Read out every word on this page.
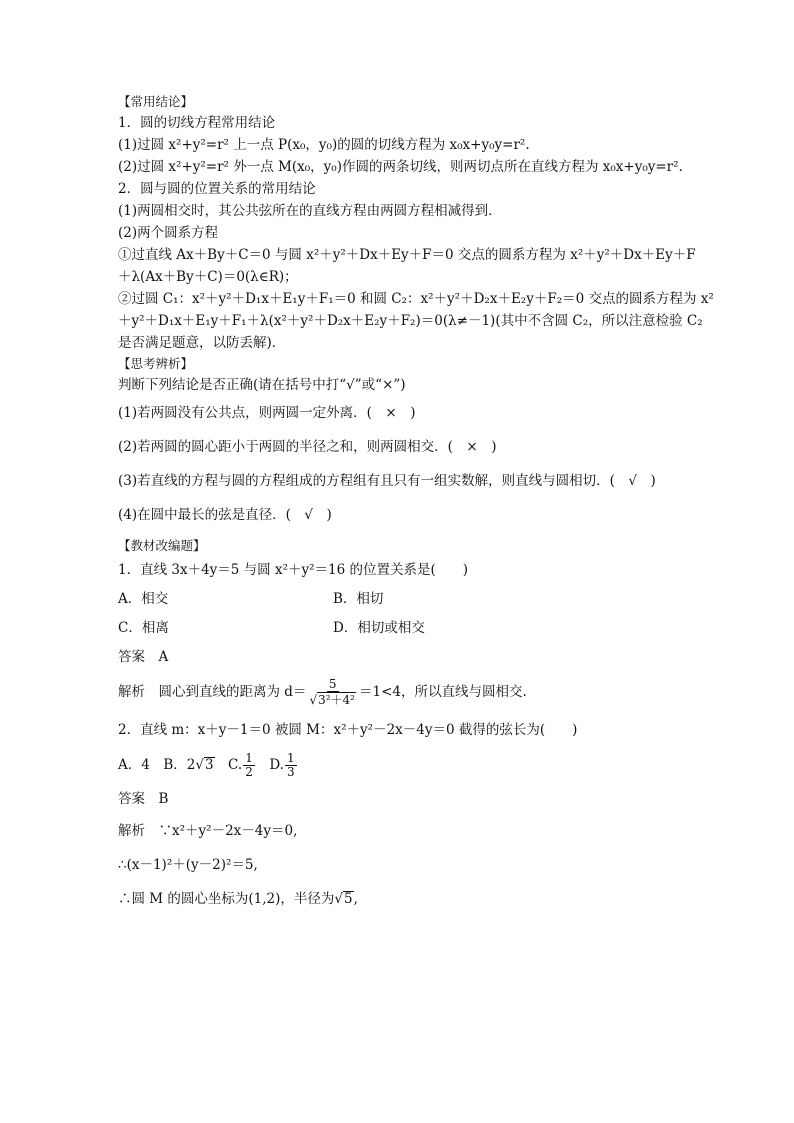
【常用结论】
1．圆的切线方程常用结论
(1)过圆 x²+y²=r² 上一点 P(x₀，y₀)的圆的切线方程为 x₀x+y₀y=r².
(2)过圆 x²+y²=r² 外一点 M(x₀，y₀)作圆的两条切线，则两切点所在直线方程为 x₀x+y₀y=r².
2．圆与圆的位置关系的常用结论
(1)两圆相交时，其公共弦所在的直线方程由两圆方程相减得到．
(2)两个圆系方程
①过直线 Ax＋By＋C＝0 与圆 x²＋y²＋Dx＋Ey＋F＝0 交点的圆系方程为 x²＋y²＋Dx＋Ey＋F
＋λ(Ax＋By＋C)＝0(λ∈R)；
②过圆 C₁：x²＋y²＋D₁x＋E₁y＋F₁＝0 和圆 C₂：x²＋y²＋D₂x＋E₂y＋F₂＝0 交点的圆系方程为 x²
＋y²＋D₁x＋E₁y＋F₁＋λ(x²＋y²＋D₂x＋E₂y＋F₂)＝0(λ≠－1)(其中不含圆 C₂，所以注意检验 C₂
是否满足题意，以防丢解)．
【思考辨析】
判断下列结论是否正确(请在括号中打“√”或“×”)
(1)若两圆没有公共点，则两圆一定外离．(　×　)
(2)若两圆的圆心距小于两圆的半径之和，则两圆相交．(　×　)
(3)若直线的方程与圆的方程组成的方程组有且只有一组实数解，则直线与圆相切．(　√　)
(4)在圆中最长的弦是直径．(　√　)
【教材改编题】
1．直线 3x＋4y＝5 与圆 x²＋y²＝16 的位置关系是(　　)
A．相交	B．相切
C．相离	D．相切或相交
答案　A
解析　圆心到直线的距离为 $d= \frac{5}{\text{√3²＋4²}} =1<4$，所以直线与圆相交.
2．直线 m：x＋y－1＝0 被圆 M：x²＋y²－2x－4y＝0 截得的弦长为(　　)
A．4　B．2√3　C. $\frac{1}{2}$ 　D. $\frac{1}{3}$
答案　B
解析　∵x²＋y²－2x－4y＝0,
∴(x－1)²＋(y－2)²＝5,
∴圆 M 的圆心坐标为(1,2)，半径为√5,
